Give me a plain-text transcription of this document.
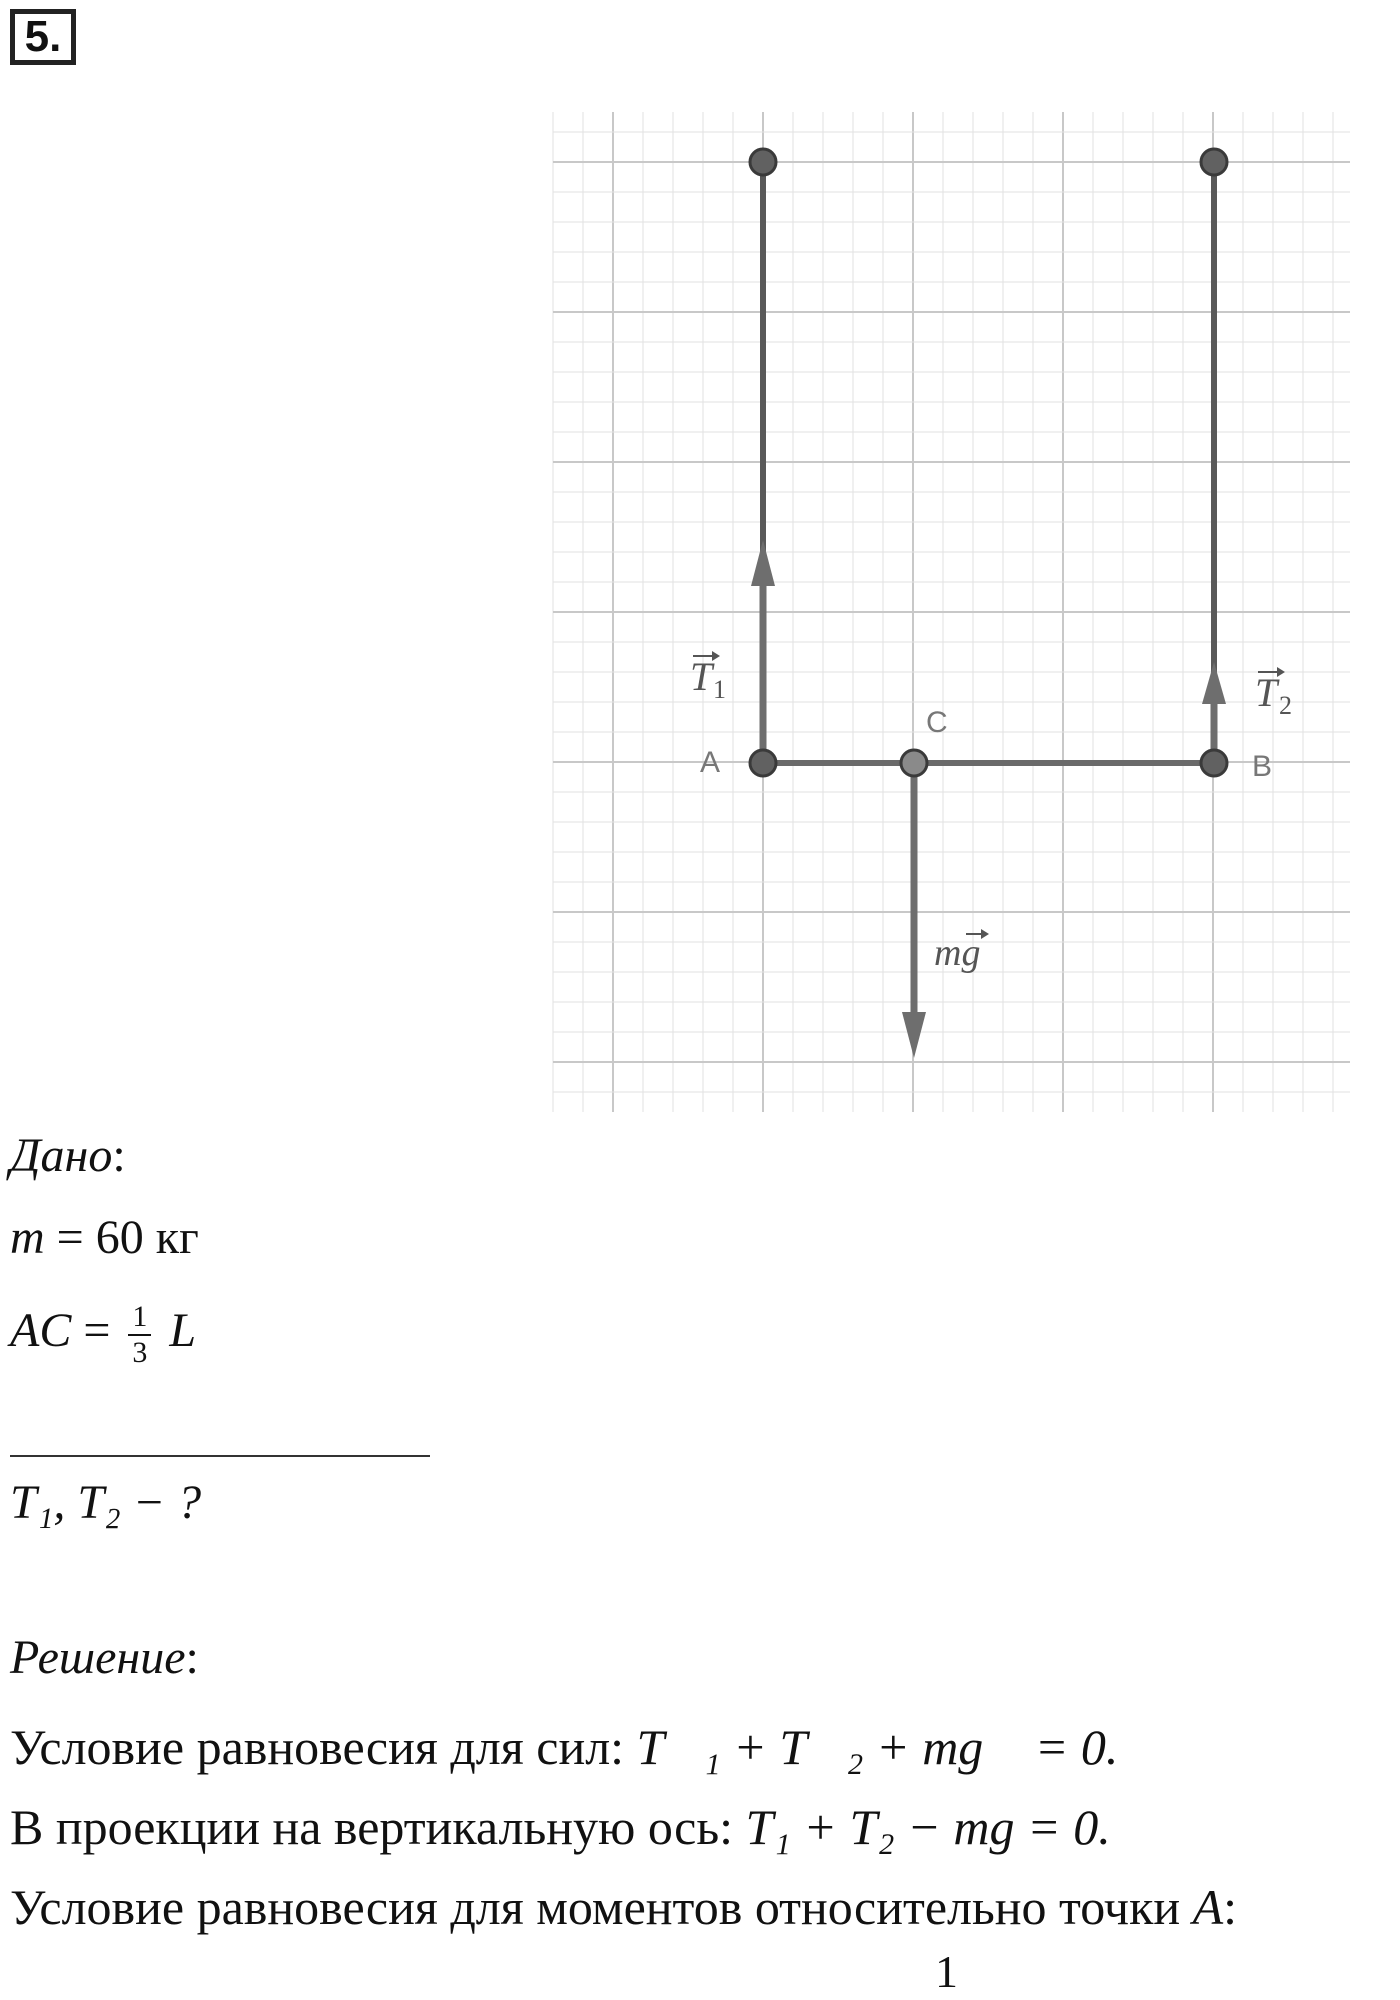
5.
A
C
B
T 1	T 2
mg
Дано:
m = 60 кг
AC = $\frac{1}{3}$ L
T₁, T₂ − ?
Решение:
Условие равновесия для сил: T⃗₁ + T⃗₂ + mg⃗ = 0.
В проекции на вертикальную ось: T₁ + T₂ − mg = 0.
Условие равновесия для моментов относительно точки A:
1
